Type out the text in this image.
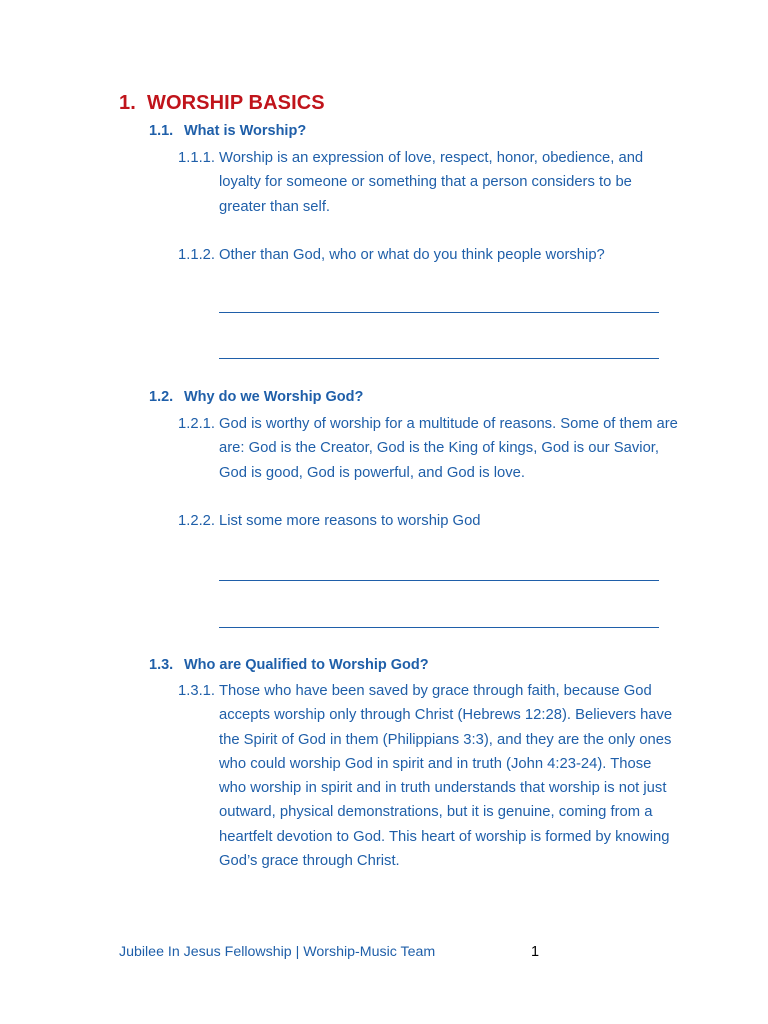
1. WORSHIP BASICS
1.1. What is Worship?
1.1.1. Worship is an expression of love, respect, honor, obedience, and loyalty for someone or something that a person considers to be greater than self.
1.1.2. Other than God, who or what do you think people worship?
1.2. Why do we Worship God?
1.2.1. God is worthy of worship for a multitude of reasons. Some of them are are: God is the Creator, God is the King of kings, God is our Savior, God is good, God is powerful, and God is love.
1.2.2. List some more reasons to worship God
1.3. Who are Qualified to Worship God?
1.3.1. Those who have been saved by grace through faith, because God accepts worship only through Christ (Hebrews 12:28). Believers have the Spirit of God in them (Philippians 3:3), and they are the only ones who could worship God in spirit and in truth (John 4:23-24). Those who worship in spirit and in truth understands that worship is not just outward, physical demonstrations, but it is genuine, coming from a heartfelt devotion to God. This heart of worship is formed by knowing God’s grace through Christ.
Jubilee In Jesus Fellowship | Worship-Music Team	1
